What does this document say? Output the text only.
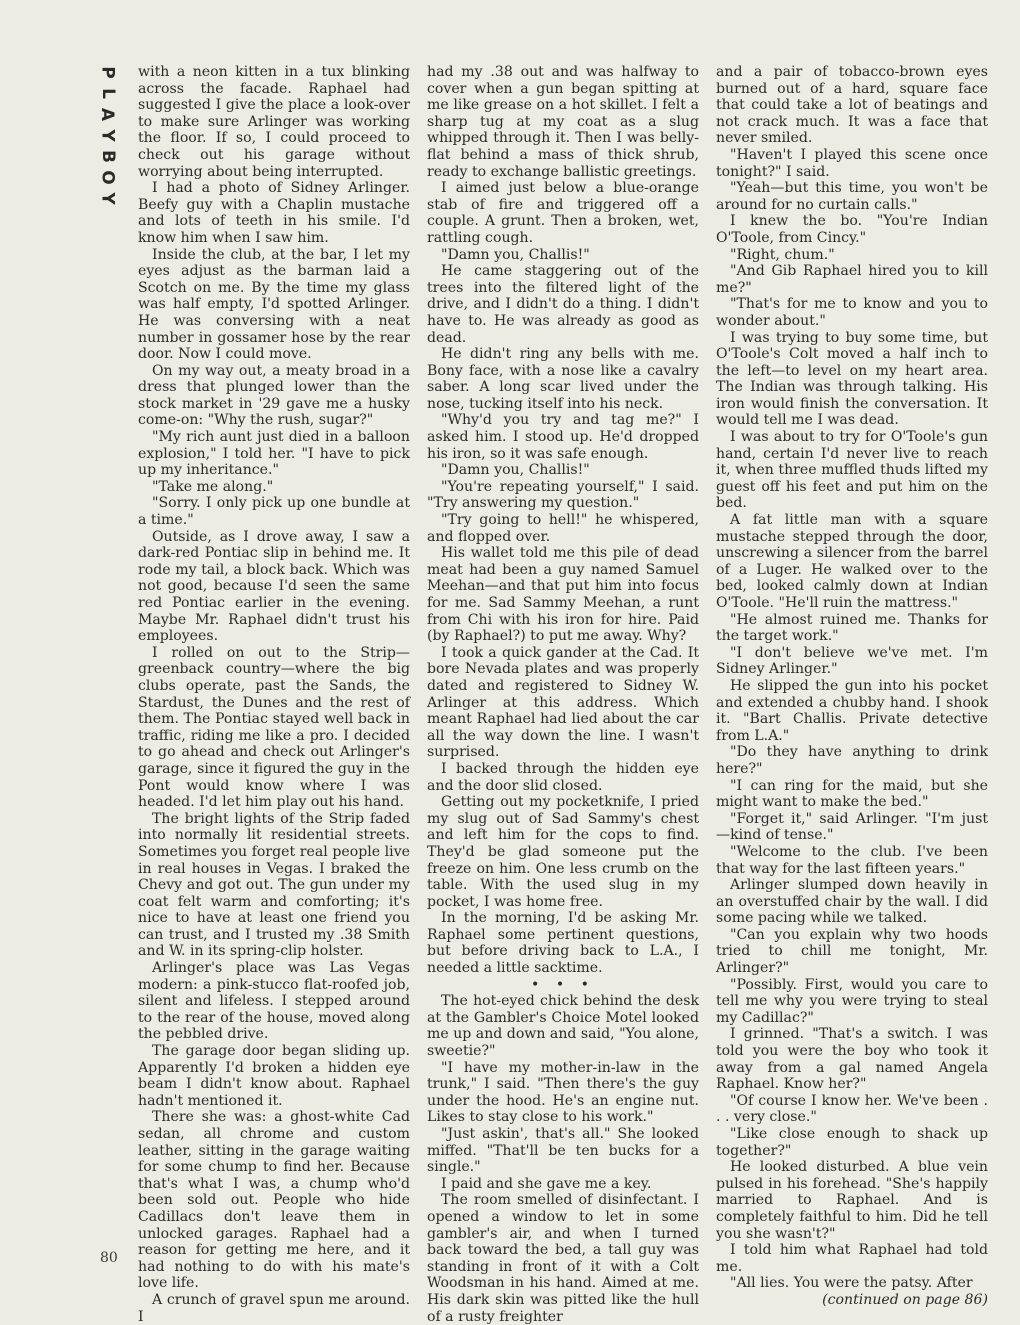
P
L
A
Y
B
O
Y

with a neon kitten in a tux blinking across the facade. Raphael had suggested I give the place a look-over to make sure Arlinger was working the floor. If so, I could proceed to check out his garage without worrying about being interrupted.

I had a photo of Sidney Arlinger. Beefy guy with a Chaplin mustache and lots of teeth in his smile. I'd know him when I saw him.

Inside the club, at the bar, I let my eyes adjust as the barman laid a Scotch on me. By the time my glass was half empty, I'd spotted Arlinger. He was conversing with a neat number in gossamer hose by the rear door. Now I could move.

On my way out, a meaty broad in a dress that plunged lower than the stock market in '29 gave me a husky come-on: "Why the rush, sugar?"

"My rich aunt just died in a balloon explosion," I told her. "I have to pick up my inheritance."

"Take me along."

"Sorry. I only pick up one bundle at a time."

Outside, as I drove away, I saw a dark-red Pontiac slip in behind me. It rode my tail, a block back. Which was not good, because I'd seen the same red Pontiac earlier in the evening. Maybe Mr. Raphael didn't trust his employees.

I rolled on out to the Strip—greenback country—where the big clubs operate, past the Sands, the Stardust, the Dunes and the rest of them. The Pontiac stayed well back in traffic, riding me like a pro. I decided to go ahead and check out Arlinger's garage, since it figured the guy in the Pont would know where I was headed. I'd let him play out his hand.

The bright lights of the Strip faded into normally lit residential streets. Sometimes you forget real people live in real houses in Vegas. I braked the Chevy and got out. The gun under my coat felt warm and comforting; it's nice to have at least one friend you can trust, and I trusted my .38 Smith and W. in its spring-clip holster.

Arlinger's place was Las Vegas modern: a pink-stucco flat-roofed job, silent and lifeless. I stepped around to the rear of the house, moved along the pebbled drive.

The garage door began sliding up. Apparently I'd broken a hidden eye beam I didn't know about. Raphael hadn't mentioned it.

There she was: a ghost-white Cad sedan, all chrome and custom leather, sitting in the garage waiting for some chump to find her. Because that's what I was, a chump who'd been sold out. People who hide Cadillacs don't leave them in unlocked garages. Raphael had a reason for getting me here, and it had nothing to do with his mate's love life.

A crunch of gravel spun me around. I

had my .38 out and was halfway to cover when a gun began spitting at me like grease on a hot skillet. I felt a sharp tug at my coat as a slug whipped through it. Then I was belly-flat behind a mass of thick shrub, ready to exchange ballistic greetings.

I aimed just below a blue-orange stab of fire and triggered off a couple. A grunt. Then a broken, wet, rattling cough.

"Damn you, Challis!"

He came staggering out of the trees into the filtered light of the drive, and I didn't do a thing. I didn't have to. He was already as good as dead.

He didn't ring any bells with me. Bony face, with a nose like a cavalry saber. A long scar lived under the nose, tucking itself into his neck.

"Why'd you try and tag me?" I asked him. I stood up. He'd dropped his iron, so it was safe enough.

"Damn you, Challis!"

"You're repeating yourself," I said. "Try answering my question."

"Try going to hell!" he whispered, and flopped over.

His wallet told me this pile of dead meat had been a guy named Samuel Meehan—and that put him into focus for me. Sad Sammy Meehan, a runt from Chi with his iron for hire. Paid (by Raphael?) to put me away. Why?

I took a quick gander at the Cad. It bore Nevada plates and was properly dated and registered to Sidney W. Arlinger at this address. Which meant Raphael had lied about the car all the way down the line. I wasn't surprised.

I backed through the hidden eye and the door slid closed.

Getting out my pocketknife, I pried my slug out of Sad Sammy's chest and left him for the cops to find. They'd be glad someone put the freeze on him. One less crumb on the table. With the used slug in my pocket, I was home free.

In the morning, I'd be asking Mr. Raphael some pertinent questions, but before driving back to L.A., I needed a little sacktime.

• • •

The hot-eyed chick behind the desk at the Gambler's Choice Motel looked me up and down and said, "You alone, sweetie?"

"I have my mother-in-law in the trunk," I said. "Then there's the guy under the hood. He's an engine nut. Likes to stay close to his work."

"Just askin', that's all." She looked miffed. "That'll be ten bucks for a single."

I paid and she gave me a key.

The room smelled of disinfectant. I opened a window to let in some gambler's air, and when I turned back toward the bed, a tall guy was standing in front of it with a Colt Woodsman in his hand. Aimed at me. His dark skin was pitted like the hull of a rusty freighter

and a pair of tobacco-brown eyes burned out of a hard, square face that could take a lot of beatings and not crack much. It was a face that never smiled.

"Haven't I played this scene once tonight?" I said.

"Yeah—but this time, you won't be around for no curtain calls."

I knew the bo. "You're Indian O'Toole, from Cincy."

"Right, chum."

"And Gib Raphael hired you to kill me?"

"That's for me to know and you to wonder about."

I was trying to buy some time, but O'Toole's Colt moved a half inch to the left—to level on my heart area. The Indian was through talking. His iron would finish the conversation. It would tell me I was dead.

I was about to try for O'Toole's gun hand, certain I'd never live to reach it, when three muffled thuds lifted my guest off his feet and put him on the bed.

A fat little man with a square mustache stepped through the door, unscrewing a silencer from the barrel of a Luger. He walked over to the bed, looked calmly down at Indian O'Toole. "He'll ruin the mattress."

"He almost ruined me. Thanks for the target work."

"I don't believe we've met. I'm Sidney Arlinger."

He slipped the gun into his pocket and extended a chubby hand. I shook it. "Bart Challis. Private detective from L.A."

"Do they have anything to drink here?"

"I can ring for the maid, but she might want to make the bed."

"Forget it," said Arlinger. "I'm just—kind of tense."

"Welcome to the club. I've been that way for the last fifteen years."

Arlinger slumped down heavily in an overstuffed chair by the wall. I did some pacing while we talked.

"Can you explain why two hoods tried to chill me tonight, Mr. Arlinger?"

"Possibly. First, would you care to tell me why you were trying to steal my Cadillac?"

I grinned. "That's a switch. I was told you were the boy who took it away from a gal named Angela Raphael. Know her?"

"Of course I know her. We've been . . . very close."

"Like close enough to shack up together?"

He looked disturbed. A blue vein pulsed in his forehead. "She's happily married to Raphael. And is completely faithful to him. Did he tell you she wasn't?"

I told him what Raphael had told me.

"All lies. You were the patsy. After

(continued on page 86)

80
